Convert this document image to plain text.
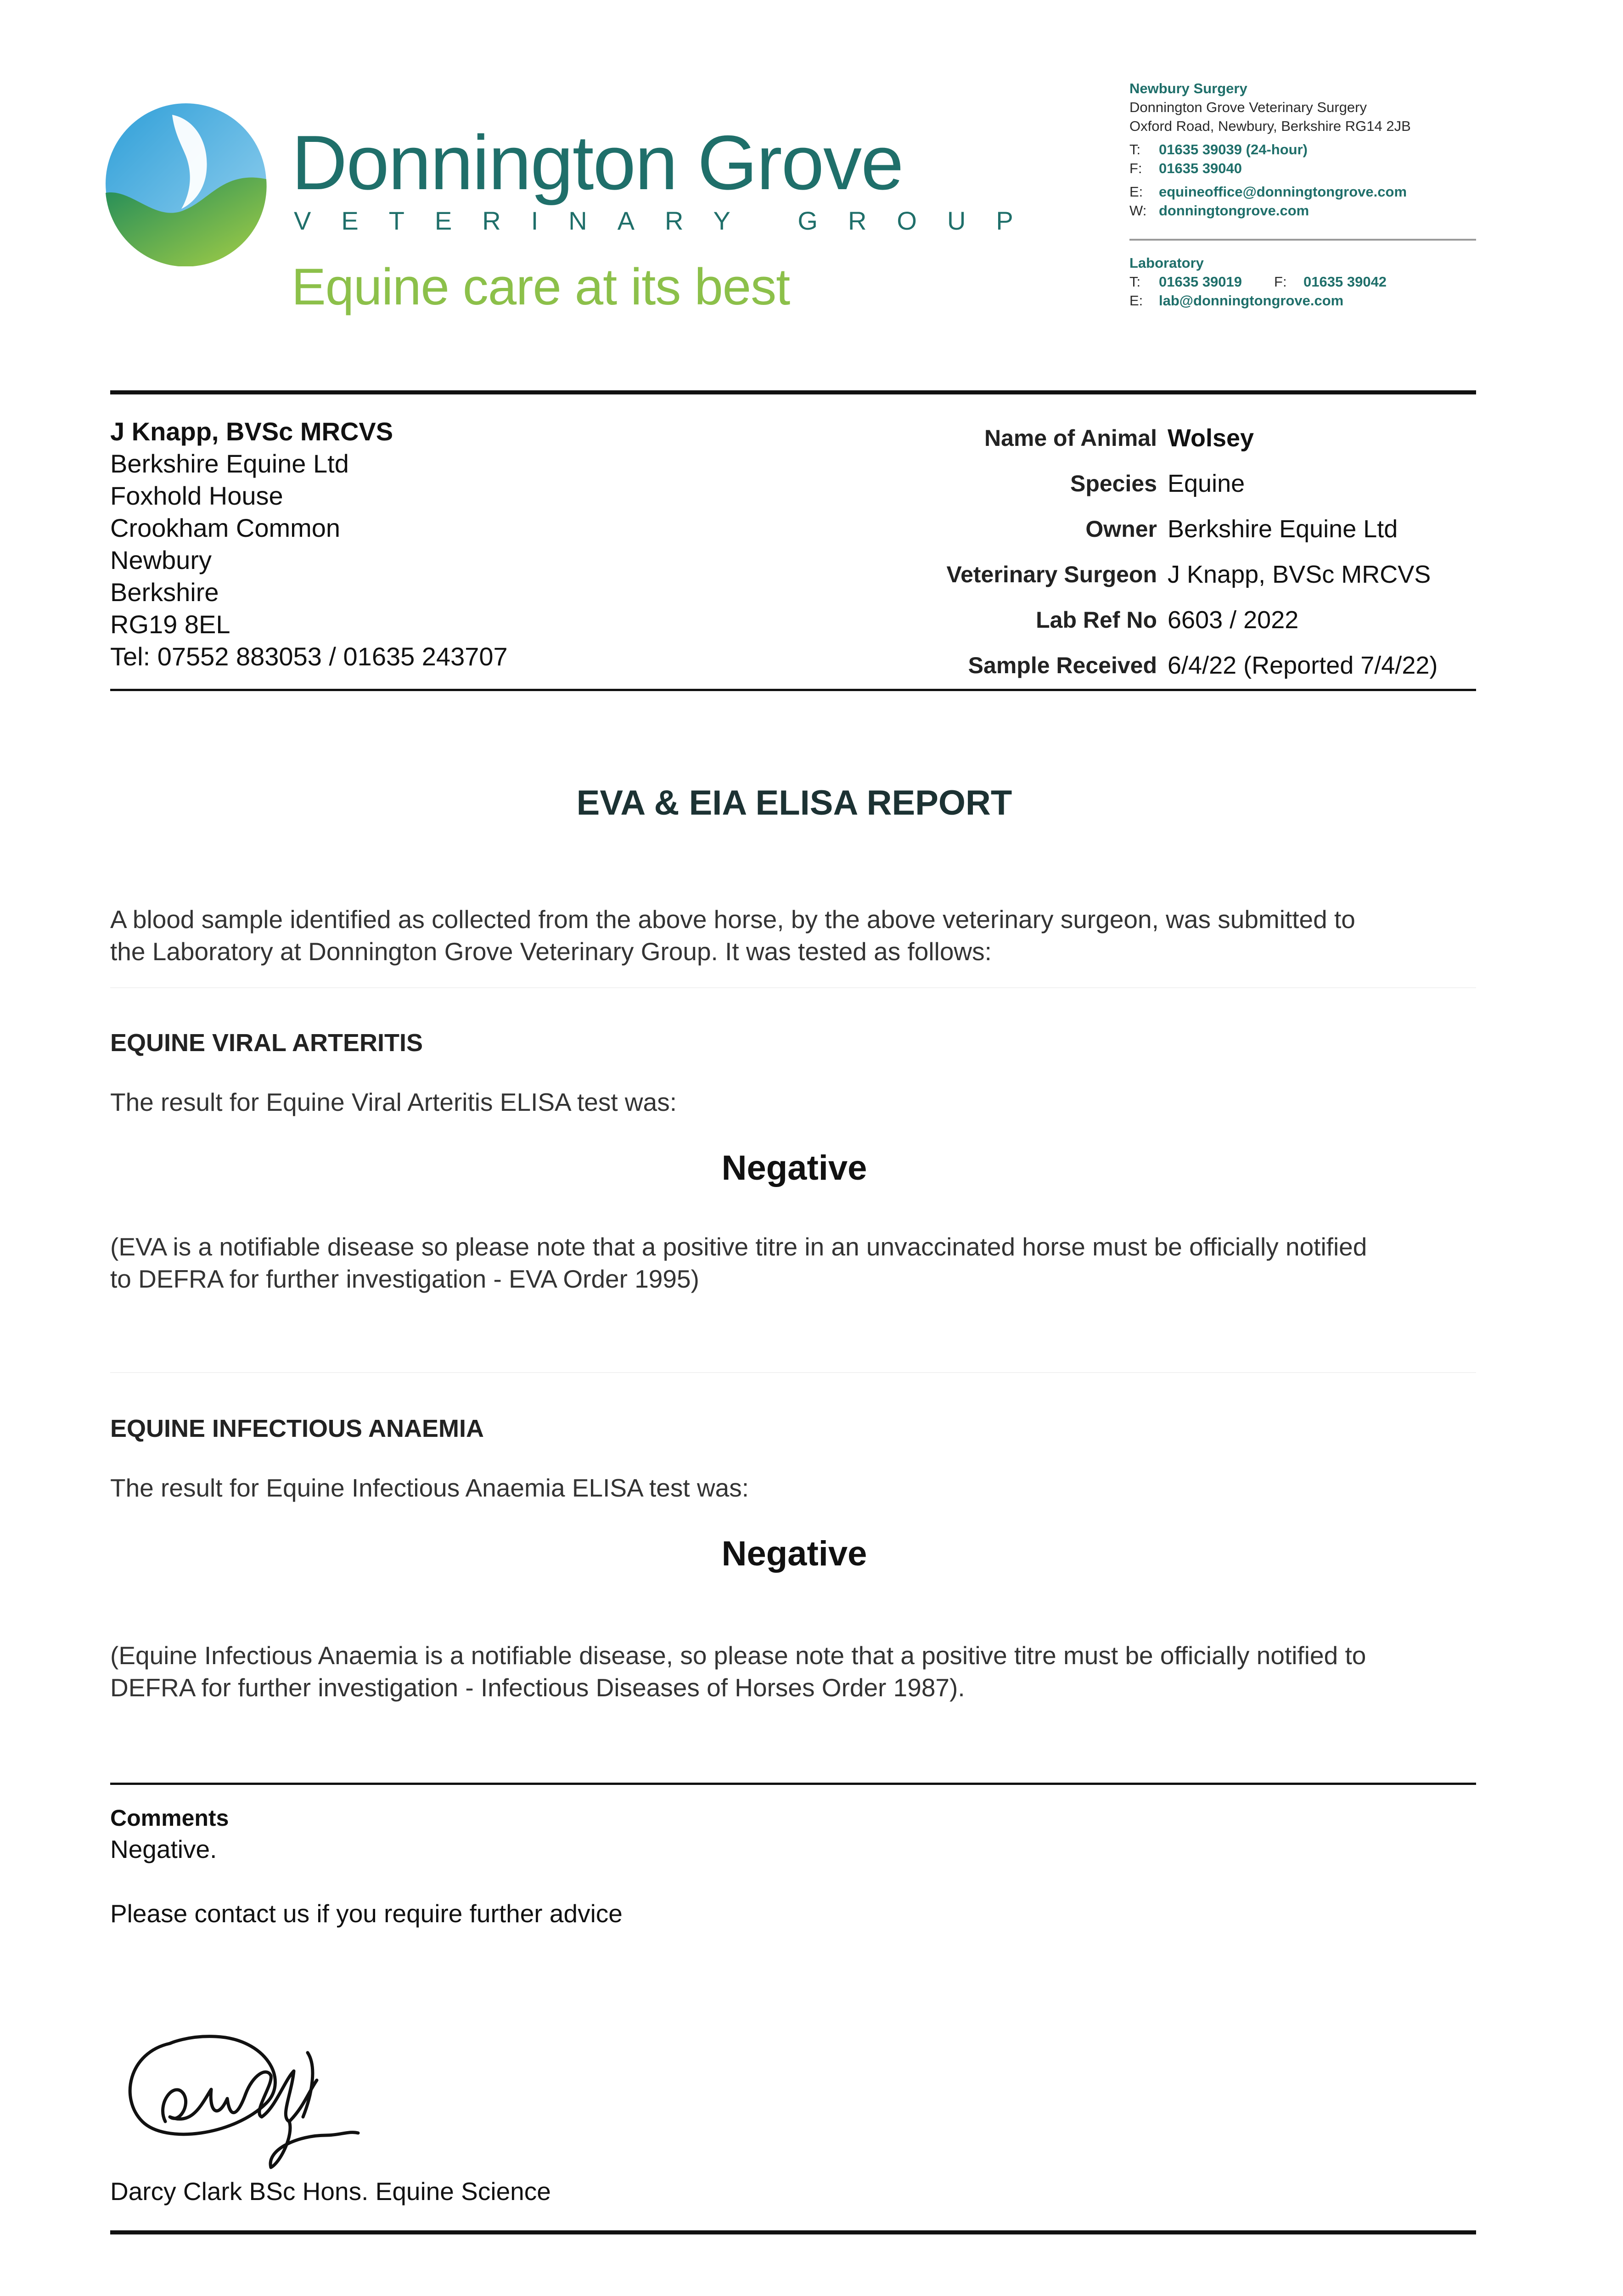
Donnington Grove
VETERINARY GROUP
Equine care at its best
Newbury Surgery
Donnington Grove Veterinary Surgery
Oxford Road, Newbury, Berkshire RG14 2JB
T: 01635 39039 (24-hour)
F: 01635 39040
E: equineoffice@donningtongrove.com
W: donningtongrove.com
Laboratory
T: 01635 39019 F: 01635 39042
E: lab@donningtongrove.com
J Knapp, BVSc MRCVS
Berkshire Equine Ltd
Foxhold House
Crookham Common
Newbury
Berkshire
RG19 8EL
Tel: 07552 883053 / 01635 243707
Name of Animal
Species
Owner
Veterinary Surgeon
Lab Ref No
Sample Received
Wolsey
Equine
Berkshire Equine Ltd
J Knapp, BVSc MRCVS
6603 / 2022
6/4/22 (Reported 7/4/22)
EVA & EIA ELISA REPORT
A blood sample identified as collected from the above horse, by the above veterinary surgeon, was submitted to
the Laboratory at Donnington Grove Veterinary Group. It was tested as follows:
EQUINE VIRAL ARTERITIS
The result for Equine Viral Arteritis ELISA test was:
Negative
(EVA is a notifiable disease so please note that a positive titre in an unvaccinated horse must be officially notified
to DEFRA for further investigation - EVA Order 1995)
EQUINE INFECTIOUS ANAEMIA
The result for Equine Infectious Anaemia ELISA test was:
Negative
(Equine Infectious Anaemia is a notifiable disease, so please note that a positive titre must be officially notified to
DEFRA for further investigation - Infectious Diseases of Horses Order 1987).
Comments
Negative.
Please contact us if you require further advice
Darcy Clark BSc Hons. Equine Science
